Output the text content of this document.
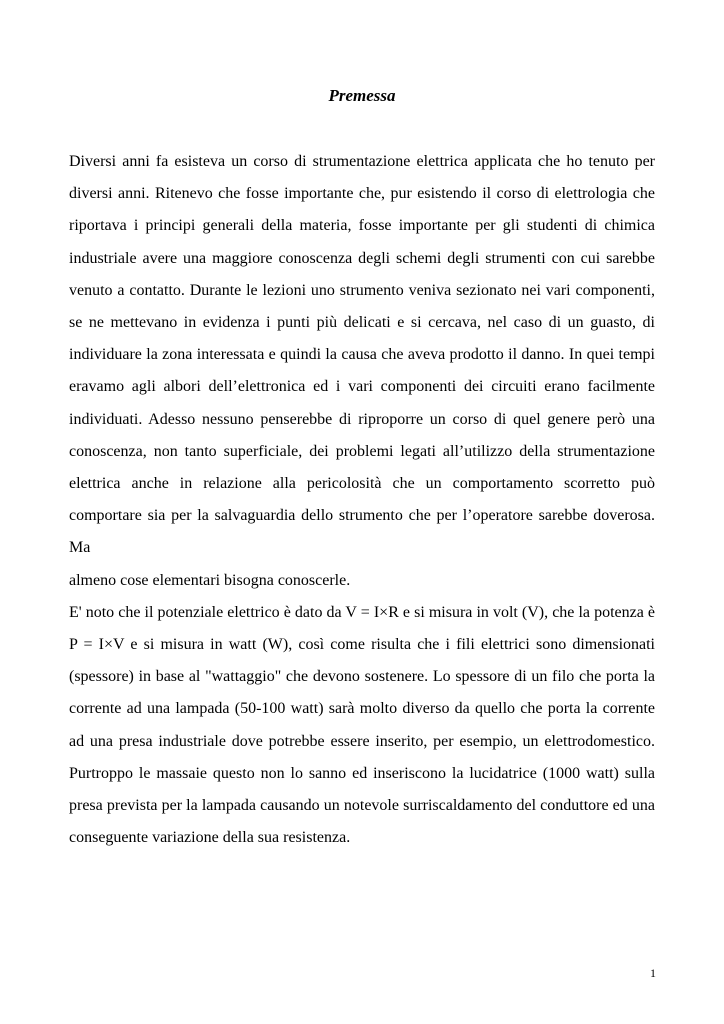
Premessa

Diversi anni fa esisteva un corso di strumentazione elettrica applicata che ho tenuto per diversi anni. Ritenevo che fosse importante che, pur esistendo il corso di elettrologia che riportava i principi generali della materia, fosse importante per gli studenti di chimica industriale avere una maggiore conoscenza degli schemi degli strumenti con cui sarebbe venuto a contatto. Durante le lezioni uno strumento veniva sezionato nei vari componenti, se ne mettevano in evidenza i punti più delicati e si cercava, nel caso di un guasto, di individuare la zona interessata e quindi la causa che aveva prodotto il danno. In quei tempi eravamo agli albori dell’elettronica ed i vari componenti dei circuiti erano facilmente individuati. Adesso nessuno penserebbe di riproporre un corso di quel genere però una conoscenza, non tanto superficiale, dei problemi legati all’utilizzo della strumentazione elettrica anche in relazione alla pericolosità che un comportamento scorretto può comportare sia per la salvaguardia dello strumento che per l’operatore sarebbe doverosa. Ma

almeno cose elementari bisogna conoscerle.

E' noto che il potenziale elettrico è dato da V = I×R e si misura in volt (V), che la potenza è P = I×V e si misura in watt (W), così come risulta che i fili elettrici sono dimensionati (spessore) in base al "wattaggio" che devono sostenere. Lo spessore di un filo che porta la corrente ad una lampada (50-100 watt) sarà molto diverso da quello che porta la corrente ad una presa industriale dove potrebbe essere inserito, per esempio, un elettrodomestico. Purtroppo le massaie questo non lo sanno ed inseriscono la lucidatrice (1000 watt) sulla presa prevista per la lampada causando un notevole surriscaldamento del conduttore ed una conseguente variazione della sua resistenza.

1
